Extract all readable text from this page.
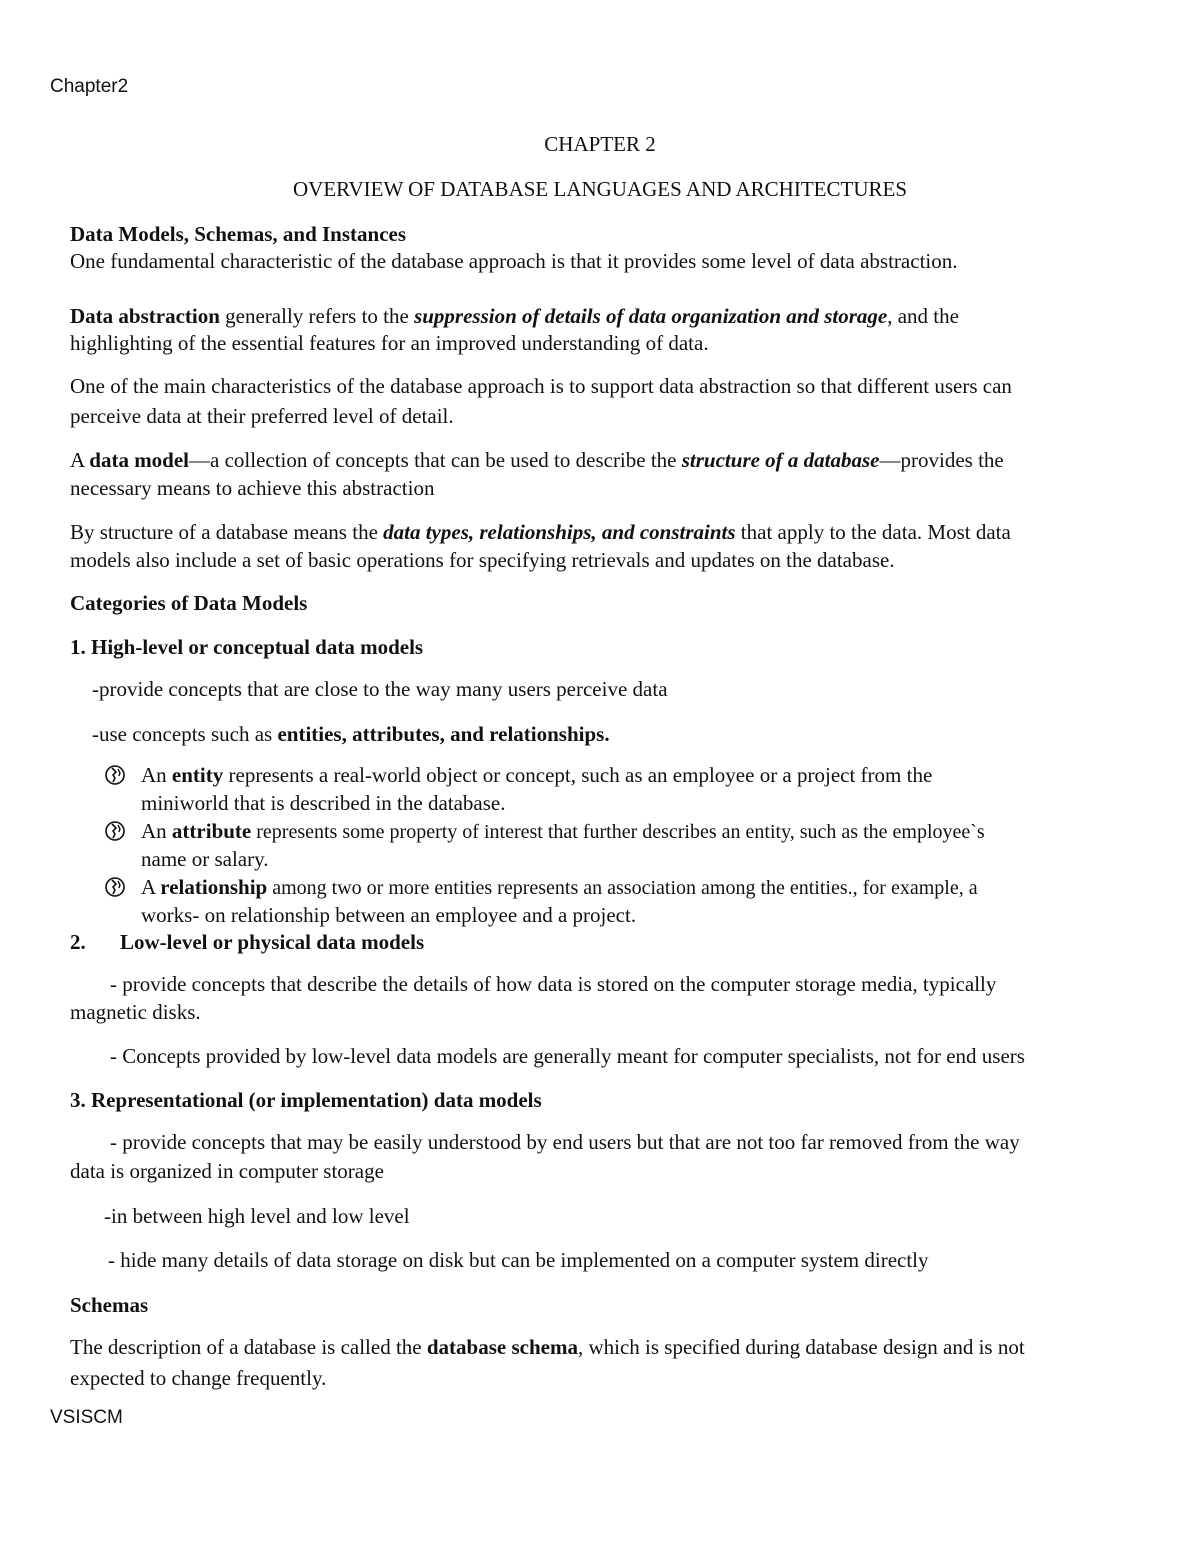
Chapter2
CHAPTER 2
OVERVIEW OF DATABASE LANGUAGES AND ARCHITECTURES
Data Models, Schemas, and Instances
One fundamental characteristic of the database approach is that it provides some level of data abstraction.
Data abstraction generally refers to the suppression of details of data organization and storage, and the
highlighting of the essential features for an improved understanding of data.
One of the main characteristics of the database approach is to support data abstraction so that different users can
perceive data at their preferred level of detail.
A data model—a collection of concepts that can be used to describe the structure of a database—provides the
necessary means to achieve this abstraction
By structure of a database means the data types, relationships, and constraints that apply to the data. Most data
models also include a set of basic operations for specifying retrievals and updates on the database.
Categories of Data Models
1. High-level or conceptual data models
-provide concepts that are close to the way many users perceive data
-use concepts such as entities, attributes, and relationships.
An entity represents a real-world object or concept, such as an employee or a project from the
miniworld that is described in the database.
An attribute represents some property of interest that further describes an entity, such as the employee`s
name or salary.
A relationship among two or more entities represents an association among the entities., for example, a
works- on relationship between an employee and a project.
2. Low-level or physical data models
- provide concepts that describe the details of how data is stored on the computer storage media, typically
magnetic disks.
- Concepts provided by low-level data models are generally meant for computer specialists, not for end users
3. Representational (or implementation) data models
- provide concepts that may be easily understood by end users but that are not too far removed from the way
data is organized in computer storage
-in between high level and low level
- hide many details of data storage on disk but can be implemented on a computer system directly
Schemas
The description of a database is called the database schema, which is specified during database design and is not
expected to change frequently.
VSISCM
